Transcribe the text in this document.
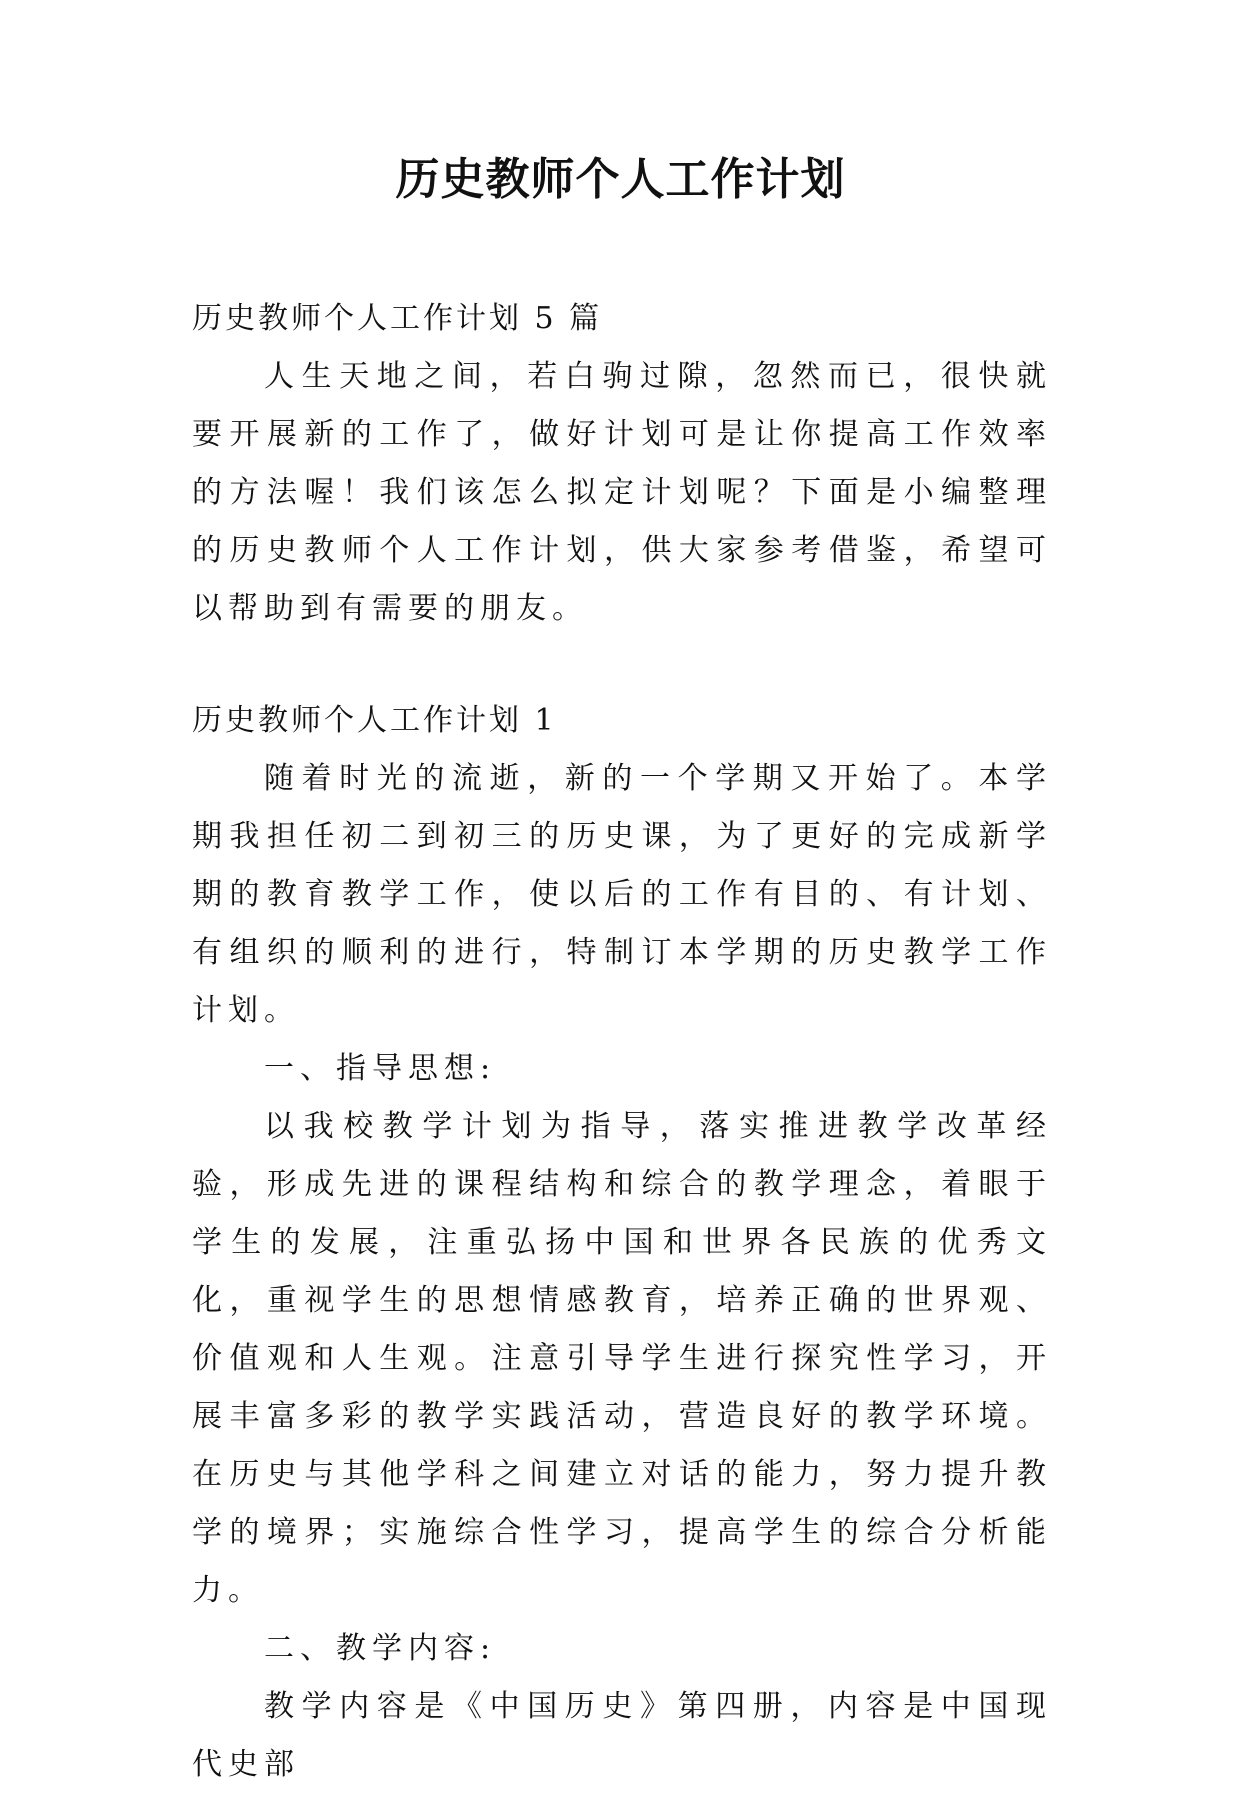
历史教师个人工作计划

历史教师个人工作计划 5 篇

人生天地之间，若白驹过隙，忽然而已，很快就要开展新的工作了，做好计划可是让你提高工作效率的方法喔！我们该怎么拟定计划呢？下面是小编整理的历史教师个人工作计划，供大家参考借鉴，希望可以帮助到有需要的朋友。

历史教师个人工作计划 1

随着时光的流逝，新的一个学期又开始了。本学期我担任初二到初三的历史课，为了更好的完成新学期的教育教学工作，使以后的工作有目的、有计划、有组织的顺利的进行，特制订本学期的历史教学工作计划。

一、指导思想:

以我校教学计划为指导，落实推进教学改革经验，形成先进的课程结构和综合的教学理念，着眼于学生的发展，注重弘扬中国和世界各民族的优秀文化，重视学生的思想情感教育，培养正确的世界观、价值观和人生观。注意引导学生进行探究性学习，开展丰富多彩的教学实践活动，营造良好的教学环境。在历史与其他学科之间建立对话的能力，努力提升教学的境界；实施综合性学习，提高学生的综合分析能力。

二、教学内容:

教学内容是《中国历史》第四册，内容是中国现代史部
